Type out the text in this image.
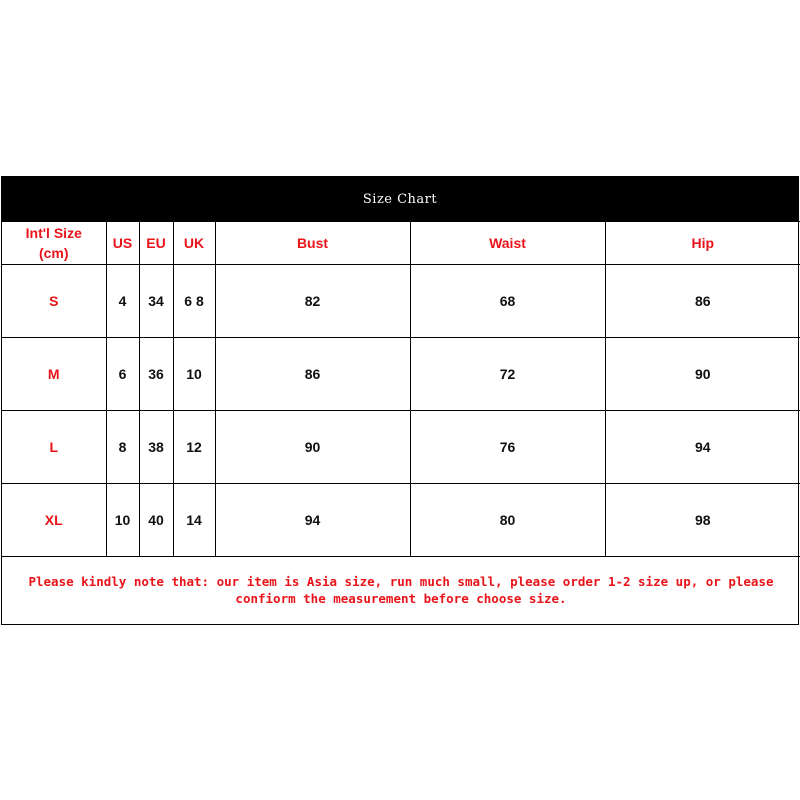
Size Chart
Int'l Size
(cm)	US	EU	UK	Bust	Waist	Hip
S	4	34	6 8	82	68	86
M	6	36	10	86	72	90
L	8	38	12	90	76	94
XL	10	40	14	94	80	98
Please kindly note that: our item is Asia size, run much small, please order 1-2 size up, or please confiorm the measurement before choose size.						
